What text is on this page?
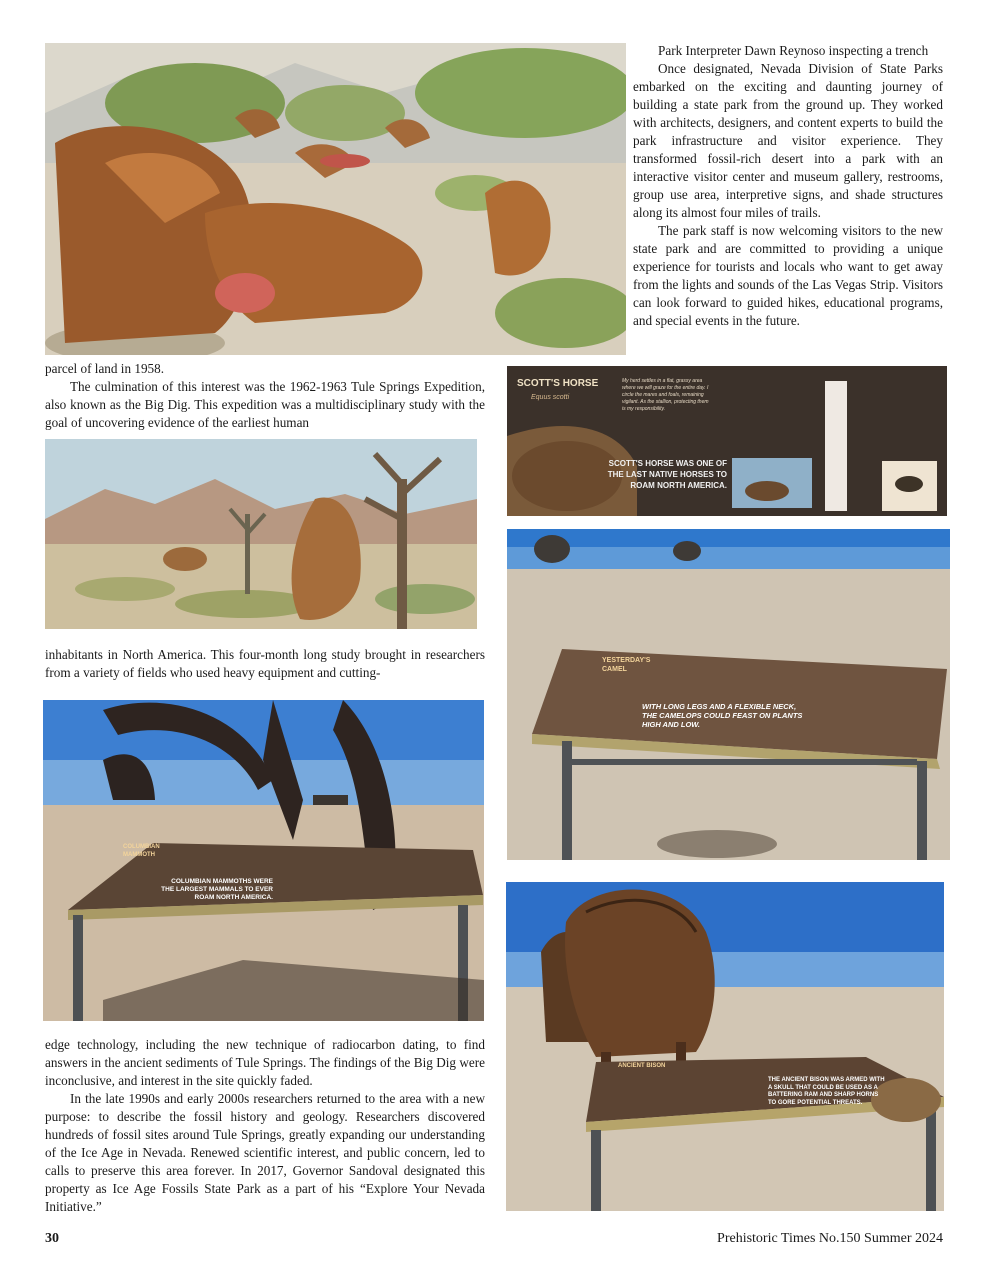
Park Interpreter Dawn Reynoso inspecting a trench

Once designated, Nevada Division of State Parks embarked on the exciting and daunting journey of building a state park from the ground up. They worked with architects, designers, and content experts to build the park infrastructure and visitor experience. They transformed fossil-rich desert into a park with an interactive visitor center and museum gallery, restrooms, group use area, interpretive signs, and shade structures along its almost four miles of trails.

The park staff is now welcoming visitors to the new state park and are committed to providing a unique experience for tourists and locals who want to get away from the lights and sounds of the Las Vegas Strip. Visitors can look forward to guided hikes, educational programs, and special events in the future.

parcel of land in 1958.

The culmination of this interest was the 1962-1963 Tule Springs Expedition, also known as the Big Dig. This expedition was a multidisciplinary study with the goal of uncovering evidence of the earliest human

SCOTT'S HORSE
Equus scotti
My herd settles in a flat, grassy area where we will graze for the entire day. I circle the mares and foals, remaining vigilant. As the stallion, protecting them is my responsibility.
SCOTT'S HORSE WAS ONE OF THE LAST NATIVE HORSES TO ROAM NORTH AMERICA.
YESTERDAY'S CAMEL
WITH LONG LEGS AND A FLEXIBLE NECK, THE CAMELOPS COULD FEAST ON PLANTS HIGH AND LOW.

inhabitants in North America. This four-month long study brought in researchers from a variety of fields who used heavy equipment and cutting-

COLUMBIAN MAMMOTH
COLUMBIAN MAMMOTHS WERE THE LARGEST MAMMALS TO EVER ROAM NORTH AMERICA.
ANCIENT BISON
THE ANCIENT BISON WAS ARMED WITH A SKULL THAT COULD BE USED AS A BATTERING RAM AND SHARP HORNS TO GORE POTENTIAL THREATS.

edge technology, including the new technique of radiocarbon dating, to find answers in the ancient sediments of Tule Springs. The findings of the Big Dig were inconclusive, and interest in the site quickly faded.

In the late 1990s and early 2000s researchers returned to the area with a new purpose: to describe the fossil history and geology. Researchers discovered hundreds of fossil sites around Tule Springs, greatly expanding our understanding of the Ice Age in Nevada. Renewed scientific interest, and public concern, led to calls to preserve this area forever. In 2017, Governor Sandoval designated this property as Ice Age Fossils State Park as a part of his “Explore Your Nevada Initiative.”

30	Prehistoric Times No.150 Summer 2024
